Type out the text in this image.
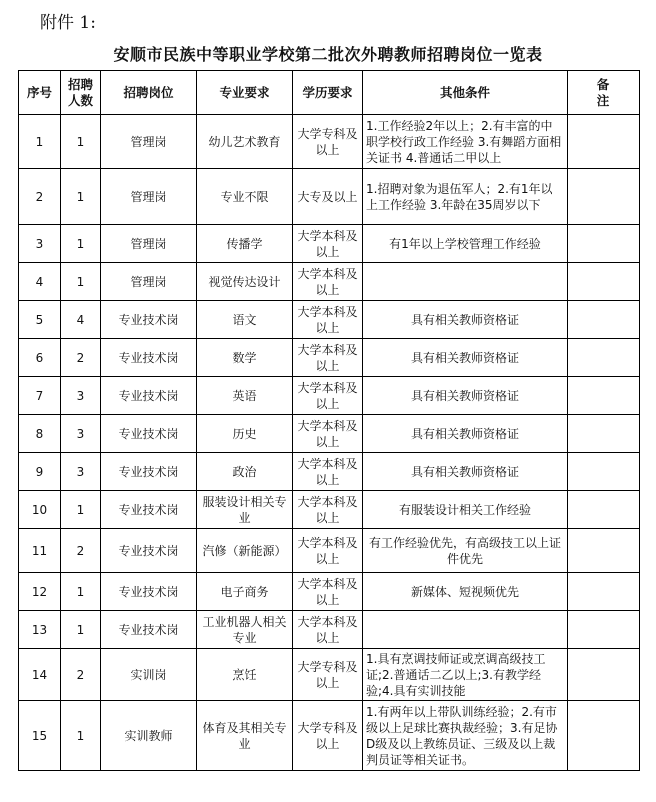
附件 1:
安顺市民族中等职业学校第二批次外聘教师招聘岗位一览表
序号	招聘人数	招聘岗位	专业要求	学历要求	其他条件	备 注
1	1	管理岗	幼儿艺术教育	大学专科及以上	1.工作经验2年以上；2.有丰富的中职学校行政工作经验 3.有舞蹈方面相关证书 4.普通话二甲以上	
2	1	管理岗	专业不限	大专及以上	1.招聘对象为退伍军人；2.有1年以上工作经验 3.年龄在35周岁以下	
3	1	管理岗	传播学	大学本科及以上	有1年以上学校管理工作经验	
4	1	管理岗	视觉传达设计	大学本科及以上		
5	4	专业技术岗	语文	大学本科及以上	具有相关教师资格证	
6	2	专业技术岗	数学	大学本科及以上	具有相关教师资格证	
7	3	专业技术岗	英语	大学本科及以上	具有相关教师资格证	
8	3	专业技术岗	历史	大学本科及以上	具有相关教师资格证	
9	3	专业技术岗	政治	大学本科及以上	具有相关教师资格证	
10	1	专业技术岗	服装设计相关专业	大学本科及以上	有服装设计相关工作经验	
11	2	专业技术岗	汽修（新能源）	大学本科及以上	有工作经验优先，有高级技工以上证件优先	
12	1	专业技术岗	电子商务	大学本科及以上	新媒体、短视频优先	
13	1	专业技术岗	工业机器人相关专业	大学本科及以上		
14	2	实训岗	烹饪	大学专科及以上	1.具有烹调技师证或烹调高级技工证;2.普通话二乙以上;3.有教学经验;4.具有实训技能	
15	1	实训教师	体育及其相关专业	大学专科及以上	1.有两年以上带队训练经验；2.有市级以上足球比赛执裁经验；3.有足协D级及以上教练员证、三级及以上裁判员证等相关证书。	
